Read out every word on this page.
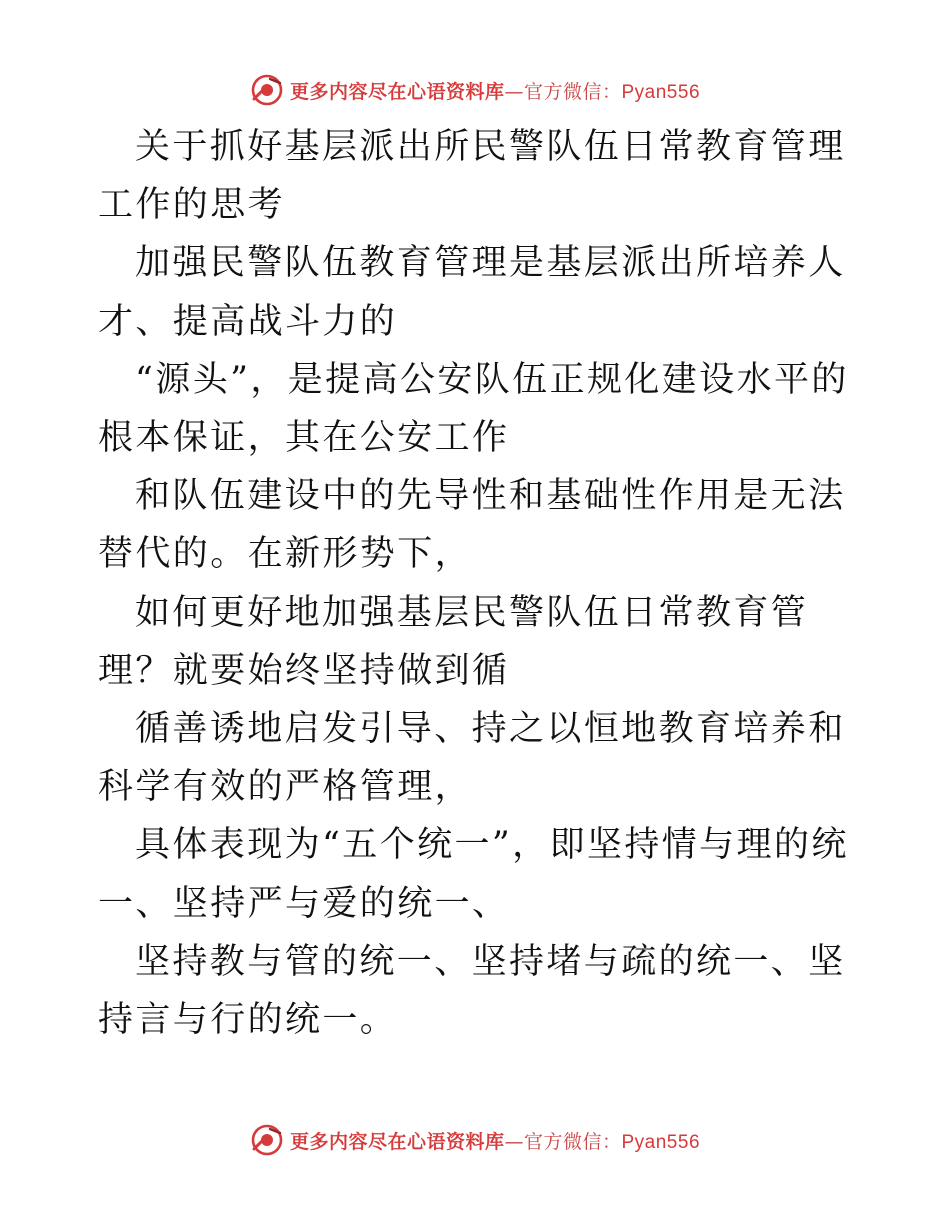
更多内容尽在心语资料库—官方微信：Pyan556

关于抓好基层派出所民警队伍日常教育管理工作的思考

加强民警队伍教育管理是基层派出所培养人才、提高战斗力的

“源头”，是提高公安队伍正规化建设水平的根本保证，其在公安工作

和队伍建设中的先导性和基础性作用是无法替代的。在新形势下，

如何更好地加强基层民警队伍日常教育管理？就要始终坚持做到循

循善诱地启发引导、持之以恒地教育培养和科学有效的严格管理，

具体表现为“五个统一”，即坚持情与理的统一、坚持严与爱的统一、

坚持教与管的统一、坚持堵与疏的统一、坚持言与行的统一。

更多内容尽在心语资料库—官方微信：Pyan556
